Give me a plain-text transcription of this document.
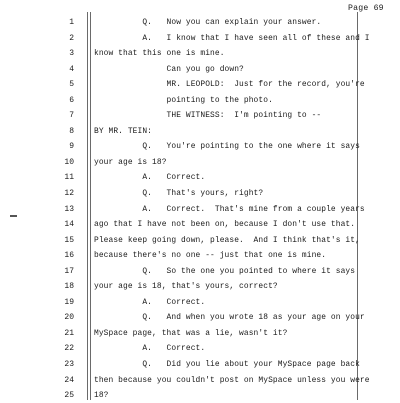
Page 69
1	Q.   Now you can explain your answer.
2	A.   I know that I have seen all of these and I
3	know that this one is mine.
4	Can you go down?
5	MR. LEOPOLD:  Just for the record, you're
6	pointing to the photo.
7	THE WITNESS:  I'm pointing to --
8	BY MR. TEIN:
9	Q.   You're pointing to the one where it says
10	your age is 18?
11	A.   Correct.
12	Q.   That's yours, right?
13	A.   Correct.  That's mine from a couple years
14	ago that I have not been on, because I don't use that.
15	Please keep going down, please.  And I think that's it,
16	because there's no one -- just that one is mine.
17	Q.   So the one you pointed to where it says
18	your age is 18, that's yours, correct?
19	A.   Correct.
20	Q.   And when you wrote 18 as your age on your
21	MySpace page, that was a lie, wasn't it?
22	A.   Correct.
23	Q.   Did you lie about your MySpace page back
24	then because you couldn't post on MySpace unless you were
25	18?
